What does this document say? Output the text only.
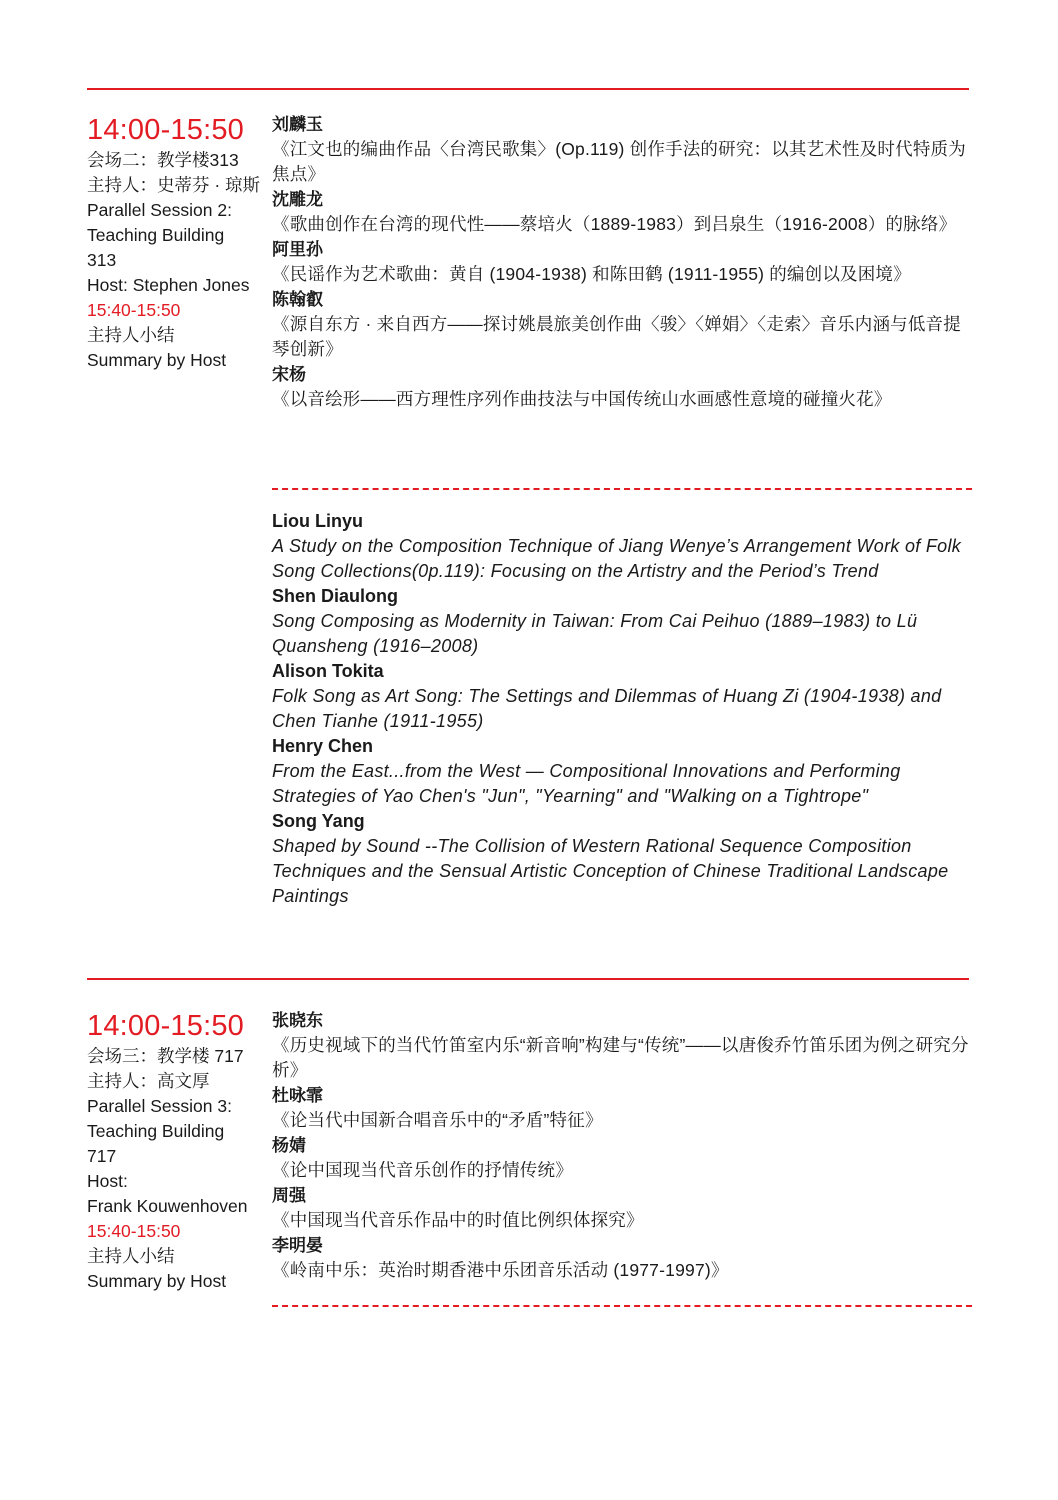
14:00-15:50

会场二：教学楼313

主持人：史蒂芬 · 琼斯

Parallel Session 2: Teaching Building 313

Host: Stephen Jones

15:40-15:50

主持人小结

Summary by Host

刘麟玉

《江文也的编曲作品〈台湾民歌集〉(Op.119) 创作手法的研究：以其艺术性及时代特质为焦点》

沈雕龙

《歌曲创作在台湾的现代性——蔡培火（1889-1983）到吕泉生（1916-2008）的脉络》

阿里孙

《民谣作为艺术歌曲：黄自 (1904-1938) 和陈田鹤 (1911-1955) 的编创以及困境》

陈翰叡

《源自东方 · 来自西方——探讨姚晨旅美创作曲〈骏〉〈婵娟〉〈走索〉音乐内涵与低音提琴创新》

宋杨

《以音绘形——西方理性序列作曲技法与中国传统山水画感性意境的碰撞火花》

Liou Linyu

A Study on the Composition Technique of Jiang Wenye’s Arrangement Work of Folk Song Collections(0p.119): Focusing on the Artistry and the Period’s Trend

Shen Diaulong

Song Composing as Modernity in Taiwan: From Cai Peihuo (1889–1983) to Lü Quansheng (1916–2008)

Alison Tokita

Folk Song as Art Song: The Settings and Dilemmas of Huang Zi (1904-1938) and Chen Tianhe (1911-1955)

Henry Chen

From the East...from the West — Compositional Innovations and Performing Strategies of Yao Chen's "Jun", "Yearning" and "Walking on a Tightrope"

Song Yang

Shaped by Sound --The Collision of Western Rational Sequence Composition Techniques and the Sensual Artistic Conception of Chinese Traditional Landscape Paintings

14:00-15:50

会场三：教学楼 717

主持人：高文厚

Parallel Session 3: Teaching Building 717

Host:

Frank Kouwenhoven

15:40-15:50

主持人小结

Summary by Host

张晓东

《历史视域下的当代竹笛室内乐“新音响”构建与“传统”——以唐俊乔竹笛乐团为例之研究分析》

杜咏霏

《论当代中国新合唱音乐中的“矛盾”特征》

杨婧

《论中国现当代音乐创作的抒情传统》

周强

《中国现当代音乐作品中的时值比例织体探究》

李明晏

《岭南中乐：英治时期香港中乐团音乐活动 (1977-1997)》
